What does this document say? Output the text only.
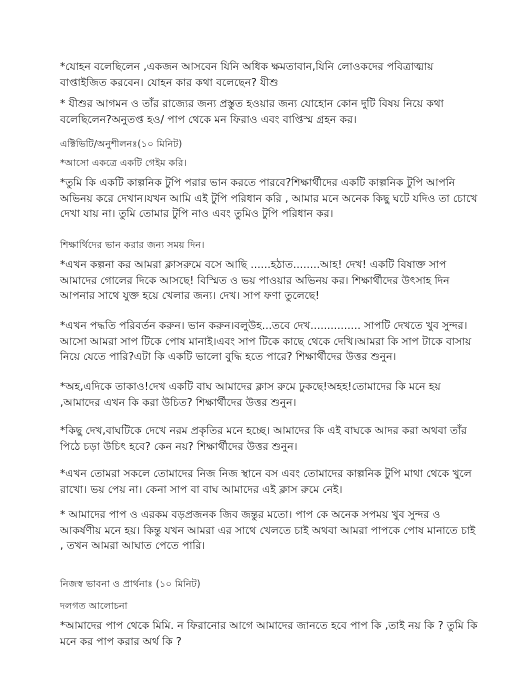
*যোহন বলেছিলেন ,একজন আসবেন যিনি অধিক ক্ষমতাবান,যিনি লোওকদের পবিত্রাত্মায় বাপ্তাইজিত করবেন। যোহন কার কথা বলেছেন? যীশু

* যীশুর আগমন ও তাঁর রাজ্যের জন্য প্রস্তুত হওয়ার জন্য যোহোন কোন দুটি বিষয় নিয়ে কথা বলেছিলেন?অনুতপ্ত হও/ পাপ থেকে মন ফিরাও এবং বাপ্তিস্ম গ্রহন কর।

এক্টিভিটি/অনুশীলনঃ(১০ মিনিট)

*আসো একত্রে একটি গেইম করি।

*তুমি কি একটি কাল্পনিক টুপি পরার ভান করতে পারবে?শিক্ষার্থীদের একটি কাল্পনিক টুপি আপনি অভিনয় করে দেখান।যখন আমি এই টুপি পরিধান করি , আমার মনে অনেক কিছু ঘটে যদিও তা চোখে দেখা যায় না। তুমি তোমার টুপি নাও এবং তুমিও টুপি পরিধান কর।

শিক্ষার্থিদের ভান করার জন্য সময় দিন।

*এখন কল্পনা কর আমরা ক্লাসরুমে বসে আছি ......হঠাত........আহ! দেখ! একটি বিষাক্ত সাপ আমাদের গোলের দিকে আসছে! বিস্মিত ও ভয় পাওয়ার অভিনয় কর। শিক্ষার্থীদের উৎসাহ দিন আপনার সাথে যুক্ত হয়ে খেলার জন্য। দেখ। সাপ ফণা তুলেছে!

*এখন পদ্ধতি পরিবর্তন করুন। ভান করুন।বলুউহ...তবে দেখ............... সাপটি দেখতে খুব সুন্দর।আসো আমরা সাপ টিকে পোষ মানাই।এবং সাপ টিকে কাছে থেকে দেখি।আমরা কি সাপ টাকে বাসায় নিয়ে যেতে পারি?এটা কি একটি ভালো বুদ্ধি হতে পারে? শিক্ষার্থীদের উত্তর শুনুন।

*অহ,এদিকে তাকাও!দেখ একটি বাঘ আমাদের ক্লাস রুমে ঢুকছে!অহহ!তোমাদের কি মনে হয় ,আমাদের এখন কি করা উচিত? শিক্ষার্থীদের উত্তর শুনুন।

*কিছু দেখ,বাঘটিকে দেখে নরম প্রকৃতির মনে হচ্ছে। আমাদের কি এই বাঘকে আদর করা অথবা তাঁর পিঠে চড়া উচিৎ হবে? কেন নয়? শিক্ষার্থীদের উত্তর শুনুন।

*এখন তোমরা সকলে তোমাদের নিজ নিজ স্থানে বস এবং তোমাদের কাল্পনিক টুপি মাথা থেকে খুলে রাখো। ভয় পেয় না। কেনা সাপ বা বাঘ আমাদের এই ক্লাস রুমে নেই।

* আমাদের পাপ ও এরকম বড়প্রজনক জিব জন্তুর মতো। পাপ কে অনেক সপময় খুব সুন্দর ও আকর্ষণীয় মনে হয়। কিন্তু যখন আমরা এর সাথে খেলতে চাই অথবা আমরা পাপকে পোষ মানাতে চাই , তখন আমরা আঘাত পেতে পারি।

নিজস্ব ভাবনা ও প্রার্থনাঃ (১০ মিনিট)

দলগত আলোচনা

*আমাদের পাপ থেকে মিমি. ন ফিরানোর আগে আমাদের জানতে হবে পাপ কি ,তাই নয় কি ? তুমি কি মনে কর পাপ করার অর্থ কি ?
